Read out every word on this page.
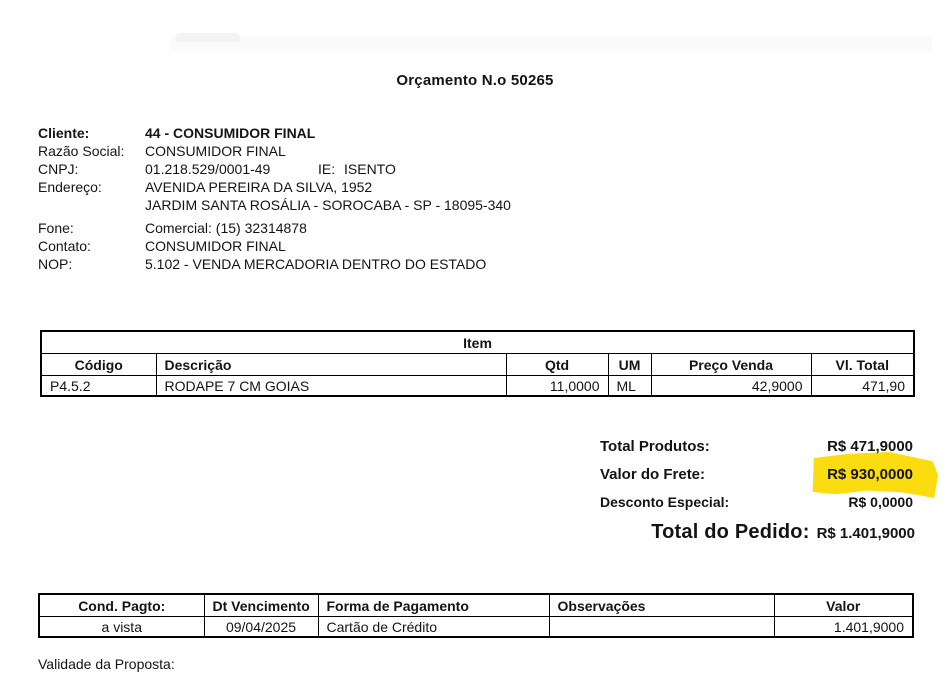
Orçamento N.o 50265
Cliente:	44 - CONSUMIDOR FINAL
Razão Social:	CONSUMIDOR FINAL
CNPJ:	01.218.529/0001-49	IE: ISENTO
Endereço:	AVENIDA PEREIRA DA SILVA, 1952
JARDIM SANTA ROSÁLIA - SOROCABA - SP - 18095-340
Fone:	Comercial: (15) 32314878
Contato:	CONSUMIDOR FINAL
NOP:	5.102 - VENDA MERCADORIA DENTRO DO ESTADO
Item					
Código	Descrição	Qtd	UM	Preço Venda	Vl. Total
P4.5.2	RODAPE 7 CM GOIAS	11,0000	ML	42,9000	471,90
Total Produtos:	R$ 471,9000
Valor do Frete:	R$ 930,0000
Desconto Especial:	R$ 0,0000
Total do Pedido: R$ 1.401,9000
Cond. Pagto:	Dt Vencimento	Forma de Pagamento	Observações	Valor
a vista	09/04/2025	Cartão de Crédito		1.401,9000
Validade da Proposta:
